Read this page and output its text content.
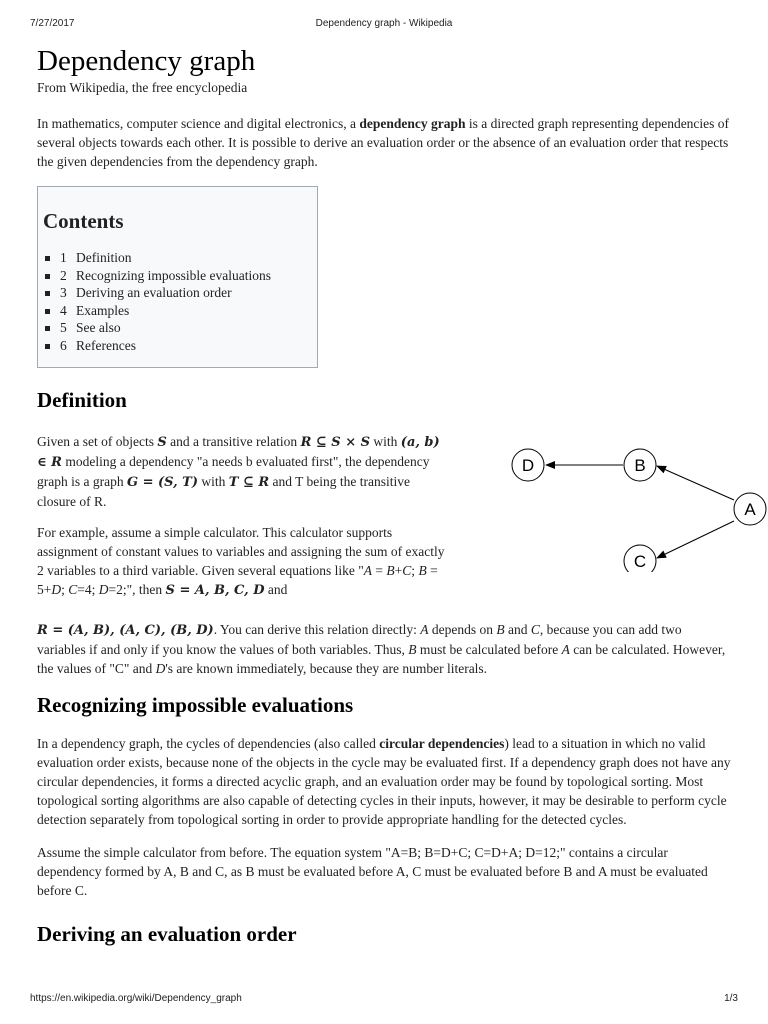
7/27/2017	Dependency graph - Wikipedia
Dependency graph
From Wikipedia, the free encyclopedia

In mathematics, computer science and digital electronics, a dependency graph is a directed graph representing dependencies of several objects towards each other. It is possible to derive an evaluation order or the absence of an evaluation order that respects the given dependencies from the dependency graph.

Contents
1 Definition
2 Recognizing impossible evaluations
3 Deriving an evaluation order
4 Examples
5 See also
6 References
Definition

Given a set of objects S and a transitive relation R ⊆ S × S with (a, b) ∈ R modeling a dependency "a needs b evaluated first", the dependency graph is a graph G = (S, T) with T ⊆ R and T being the transitive closure of R.

For example, assume a simple calculator. This calculator supports assignment of constant values to variables and assigning the sum of exactly 2 variables to a third variable. Given several equations like "A = B+C; B = 5+D; C=4; D=2;", then S = A, B, C, D and

D	B
A
C

R = (A, B), (A, C), (B, D). You can derive this relation directly: A depends on B and C, because you can add two variables if and only if you know the values of both variables. Thus, B must be calculated before A can be calculated. However, the values of "C" and D's are known immediately, because they are number literals.

Recognizing impossible evaluations

In a dependency graph, the cycles of dependencies (also called circular dependencies) lead to a situation in which no valid evaluation order exists, because none of the objects in the cycle may be evaluated first. If a dependency graph does not have any circular dependencies, it forms a directed acyclic graph, and an evaluation order may be found by topological sorting. Most topological sorting algorithms are also capable of detecting cycles in their inputs, however, it may be desirable to perform cycle detection separately from topological sorting in order to provide appropriate handling for the detected cycles.

Assume the simple calculator from before. The equation system "A=B; B=D+C; C=D+A; D=12;" contains a circular dependency formed by A, B and C, as B must be evaluated before A, C must be evaluated before B and A must be evaluated before C.

Deriving an evaluation order
https://en.wikipedia.org/wiki/Dependency_graph	1/3
